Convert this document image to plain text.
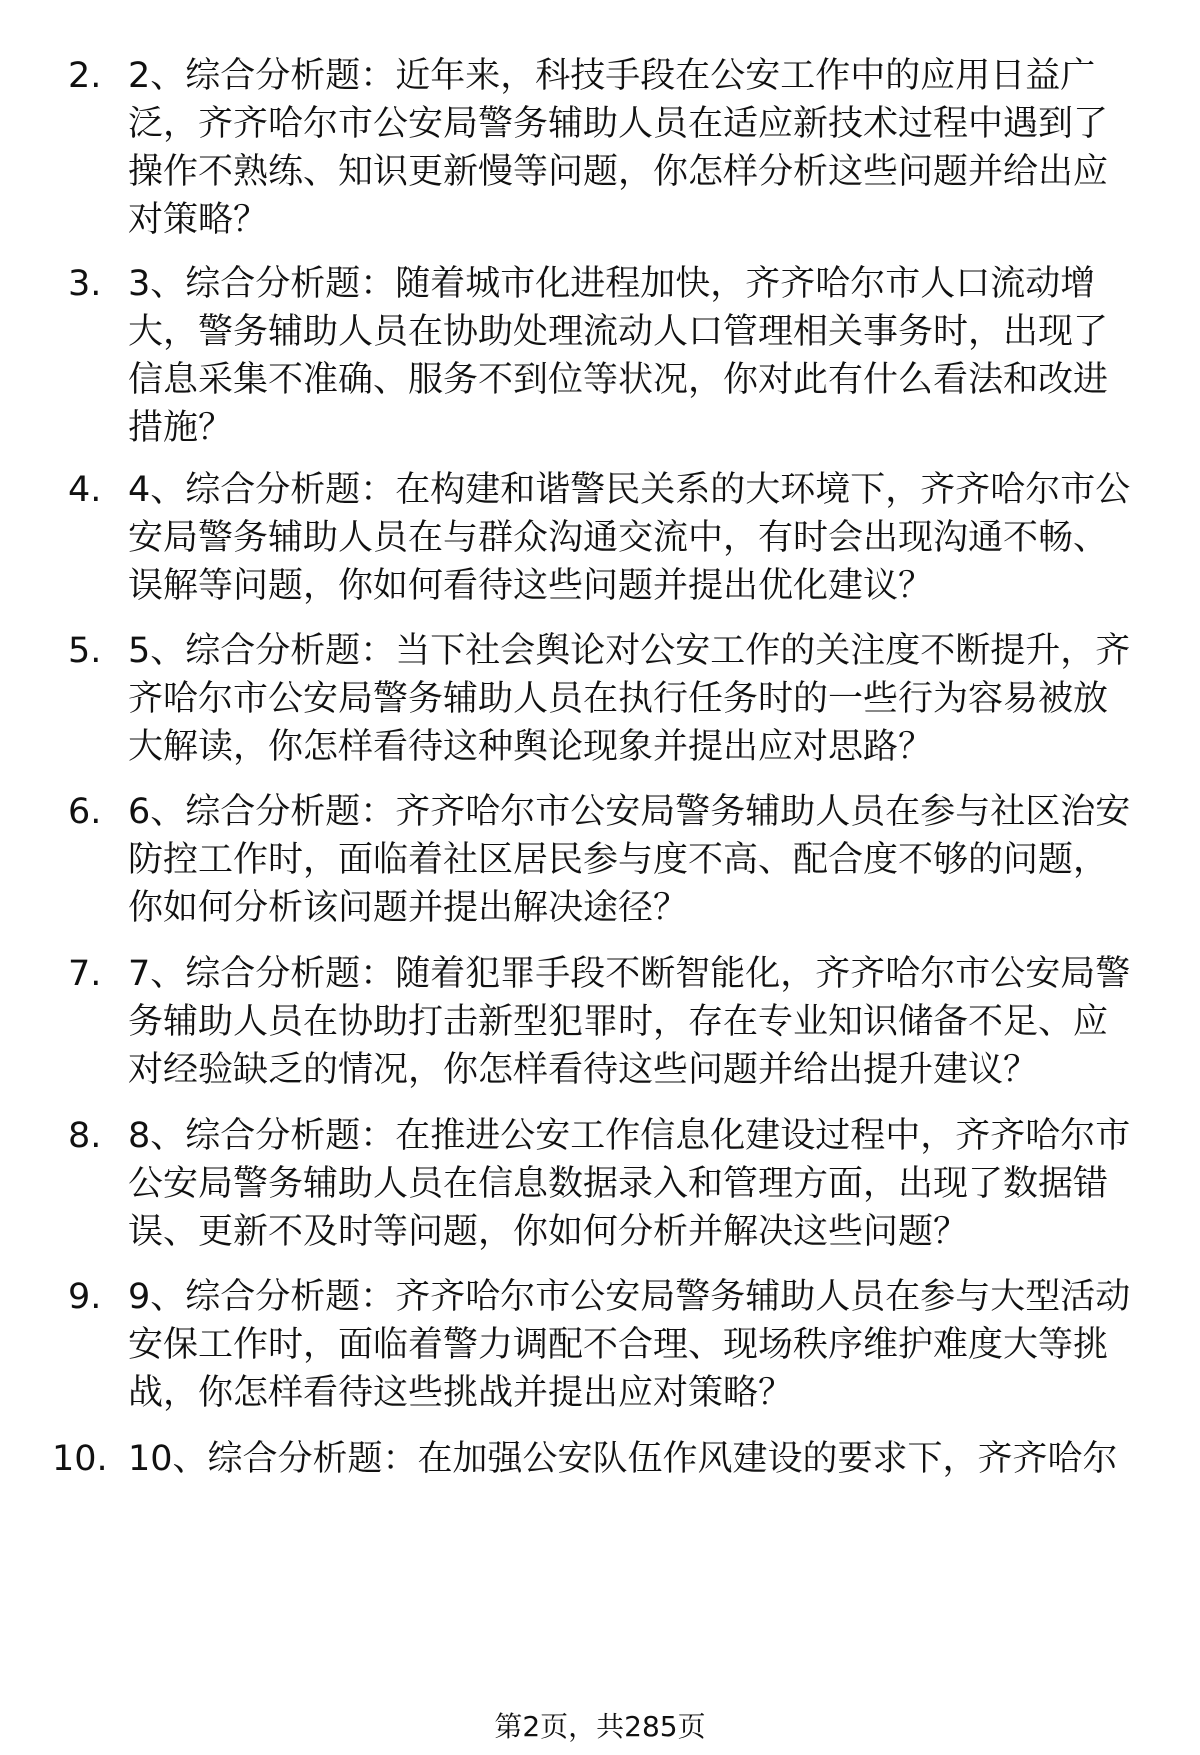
2. 2、综合分析题：近年来，科技手段在公安工作中的应用日益广
泛，齐齐哈尔市公安局警务辅助人员在适应新技术过程中遇到了
操作不熟练、知识更新慢等问题，你怎样分析这些问题并给出应
对策略？

3. 3、综合分析题：随着城市化进程加快，齐齐哈尔市人口流动增
大，警务辅助人员在协助处理流动人口管理相关事务时，出现了
信息采集不准确、服务不到位等状况，你对此有什么看法和改进
措施？

4. 4、综合分析题：在构建和谐警民关系的大环境下，齐齐哈尔市公
安局警务辅助人员在与群众沟通交流中，有时会出现沟通不畅、
误解等问题，你如何看待这些问题并提出优化建议？

5. 5、综合分析题：当下社会舆论对公安工作的关注度不断提升，齐
齐哈尔市公安局警务辅助人员在执行任务时的一些行为容易被放
大解读，你怎样看待这种舆论现象并提出应对思路？

6. 6、综合分析题：齐齐哈尔市公安局警务辅助人员在参与社区治安
防控工作时，面临着社区居民参与度不高、配合度不够的问题，
你如何分析该问题并提出解决途径？

7. 7、综合分析题：随着犯罪手段不断智能化，齐齐哈尔市公安局警
务辅助人员在协助打击新型犯罪时，存在专业知识储备不足、应
对经验缺乏的情况，你怎样看待这些问题并给出提升建议？

8. 8、综合分析题：在推进公安工作信息化建设过程中，齐齐哈尔市
公安局警务辅助人员在信息数据录入和管理方面，出现了数据错
误、更新不及时等问题，你如何分析并解决这些问题？

9. 9、综合分析题：齐齐哈尔市公安局警务辅助人员在参与大型活动
安保工作时，面临着警力调配不合理、现场秩序维护难度大等挑
战，你怎样看待这些挑战并提出应对策略？

10. 10、综合分析题：在加强公安队伍作风建设的要求下，齐齐哈尔

第2页，共285页
